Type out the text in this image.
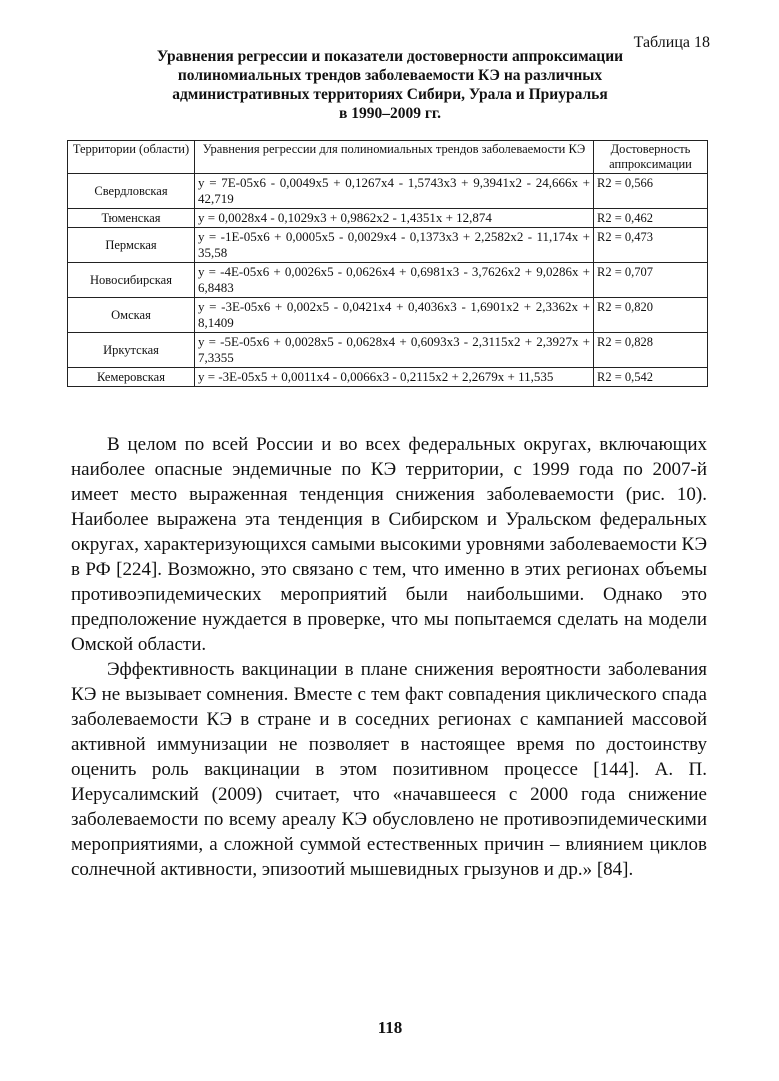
Таблица 18
Уравнения регрессии и показатели достоверности аппроксимации
полиномиальных трендов заболеваемости КЭ на различных
административных территориях Сибири, Урала и Приуралья
в 1990–2009 гг.
Территории (области)	Уравнения регрессии для полиномиальных трендов заболеваемости КЭ	Достоверность аппроксимации
Свердловская	y = 7E-05x6 - 0,0049x5 + 0,1267x4 - 1,5743x3 + 9,3941x2 - 24,666x + 42,719	R2 = 0,566
Тюменская	y = 0,0028x4 - 0,1029x3 + 0,9862x2 - 1,4351x + 12,874	R2 = 0,462
Пермская	y = -1E-05x6 + 0,0005x5 - 0,0029x4 - 0,1373x3 + 2,2582x2 - 11,174x + 35,58	R2 = 0,473
Новосибирская	y = -4E-05x6 + 0,0026x5 - 0,0626x4 + 0,6981x3 - 3,7626x2 + 9,0286x + 6,8483	R2 = 0,707
Омская	y = -3E-05x6 + 0,002x5 - 0,0421x4 + 0,4036x3 - 1,6901x2 + 2,3362x + 8,1409	R2 = 0,820
Иркутская	y = -5E-05x6 + 0,0028x5 - 0,0628x4 + 0,6093x3 - 2,3115x2 + 2,3927x + 7,3355	R2 = 0,828
Кемеровская	y = -3E-05x5 + 0,0011x4 - 0,0066x3 - 0,2115x2 + 2,2679x + 11,535	R2 = 0,542

В целом по всей России и во всех федеральных округах, включающих наиболее опасные эндемичные по КЭ территории, с 1999 года по 2007-й имеет место выраженная тенденция снижения заболеваемости (рис. 10). Наиболее выражена эта тенденция в Сибирском и Уральском федеральных округах, характеризующихся самыми высокими уровнями заболеваемости КЭ в РФ [224]. Возможно, это связано с тем, что именно в этих регионах объемы противоэпидемических мероприятий были наибольшими. Однако это предположение нуждается в проверке, что мы попытаемся сделать на модели Омской области.

Эффективность вакцинации в плане снижения вероятности заболевания КЭ не вызывает сомнения. Вместе с тем факт совпадения циклического спада заболеваемости КЭ в стране и в соседних регионах с кампанией массовой активной иммунизации не позволяет в настоящее время по достоинству оценить роль вакцинации в этом позитивном процессе [144]. А. П. Иерусалимский (2009) считает, что «начавшееся с 2000 года снижение заболеваемости по всему ареалу КЭ обусловлено не противоэпидемическими мероприятиями, а сложной суммой естественных причин – влиянием циклов солнечной активности, эпизоотий мышевидных грызунов и др.» [84].

118
